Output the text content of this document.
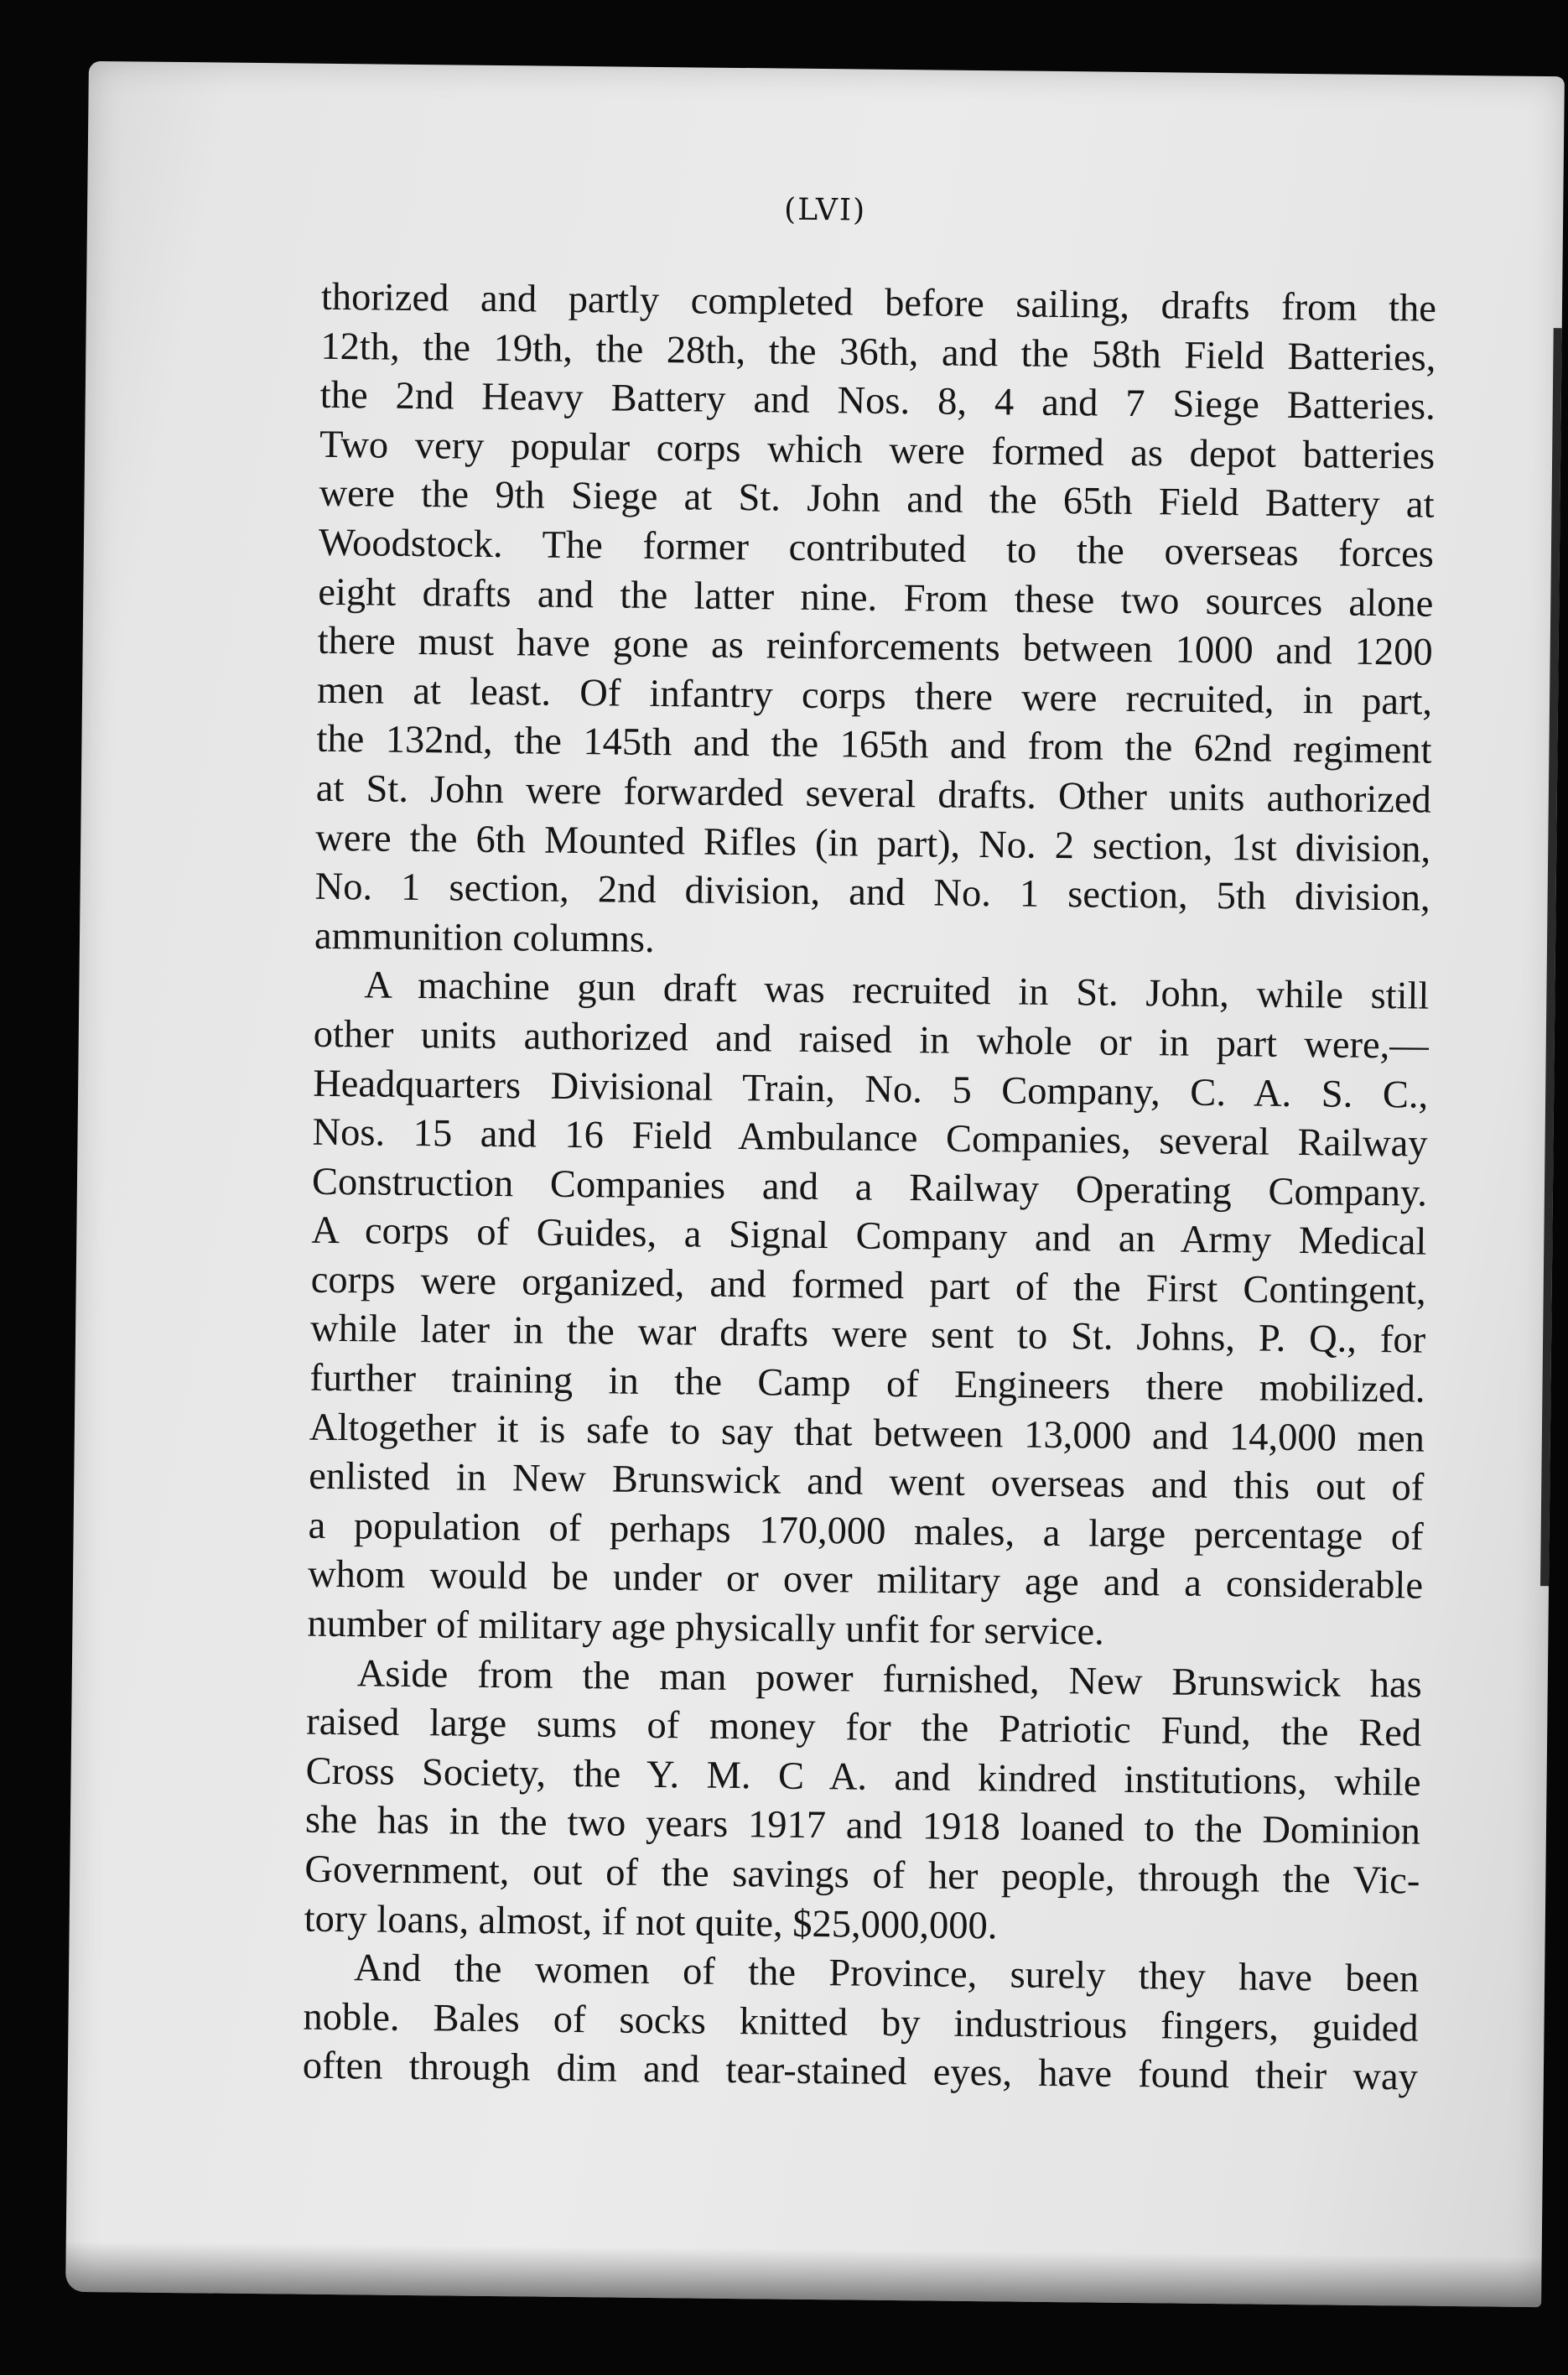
(LVI)

thorized and partly completed before sailing, drafts from the
12th, the 19th, the 28th, the 36th, and the 58th Field Batteries,
the 2nd Heavy Battery and Nos. 8, 4 and 7 Siege Batteries.
Two very popular corps which were formed as depot batteries
were the 9th Siege at St. John and the 65th Field Battery at
Woodstock. The former contributed to the overseas forces
eight drafts and the latter nine. From these two sources alone
there must have gone as reinforcements between 1000 and 1200
men at least. Of infantry corps there were recruited, in part,
the 132nd, the 145th and the 165th and from the 62nd regiment
at St. John were forwarded several drafts. Other units authorized
were the 6th Mounted Rifles (in part), No. 2 section, 1st division,
No. 1 section, 2nd division, and No. 1 section, 5th division,
ammunition columns.

A machine gun draft was recruited in St. John, while still
other units authorized and raised in whole or in part were,—
Headquarters Divisional Train, No. 5 Company, C. A. S. C.,
Nos. 15 and 16 Field Ambulance Companies, several Railway
Construction Companies and a Railway Operating Company.
A corps of Guides, a Signal Company and an Army Medical
corps were organized, and formed part of the First Contingent,
while later in the war drafts were sent to St. Johns, P. Q., for
further training in the Camp of Engineers there mobilized.
Altogether it is safe to say that between 13,000 and 14,000 men
enlisted in New Brunswick and went overseas and this out of
a population of perhaps 170,000 males, a large percentage of
whom would be under or over military age and a considerable
number of military age physically unfit for service.

Aside from the man power furnished, New Brunswick has
raised large sums of money for the Patriotic Fund, the Red
Cross Society, the Y. M. C A. and kindred institutions, while
she has in the two years 1917 and 1918 loaned to the Dominion
Government, out of the savings of her people, through the Vic-
tory loans, almost, if not quite, $25,000,000.

And the women of the Province, surely they have been
noble. Bales of socks knitted by industrious fingers, guided
often through dim and tear-stained eyes, have found their way
